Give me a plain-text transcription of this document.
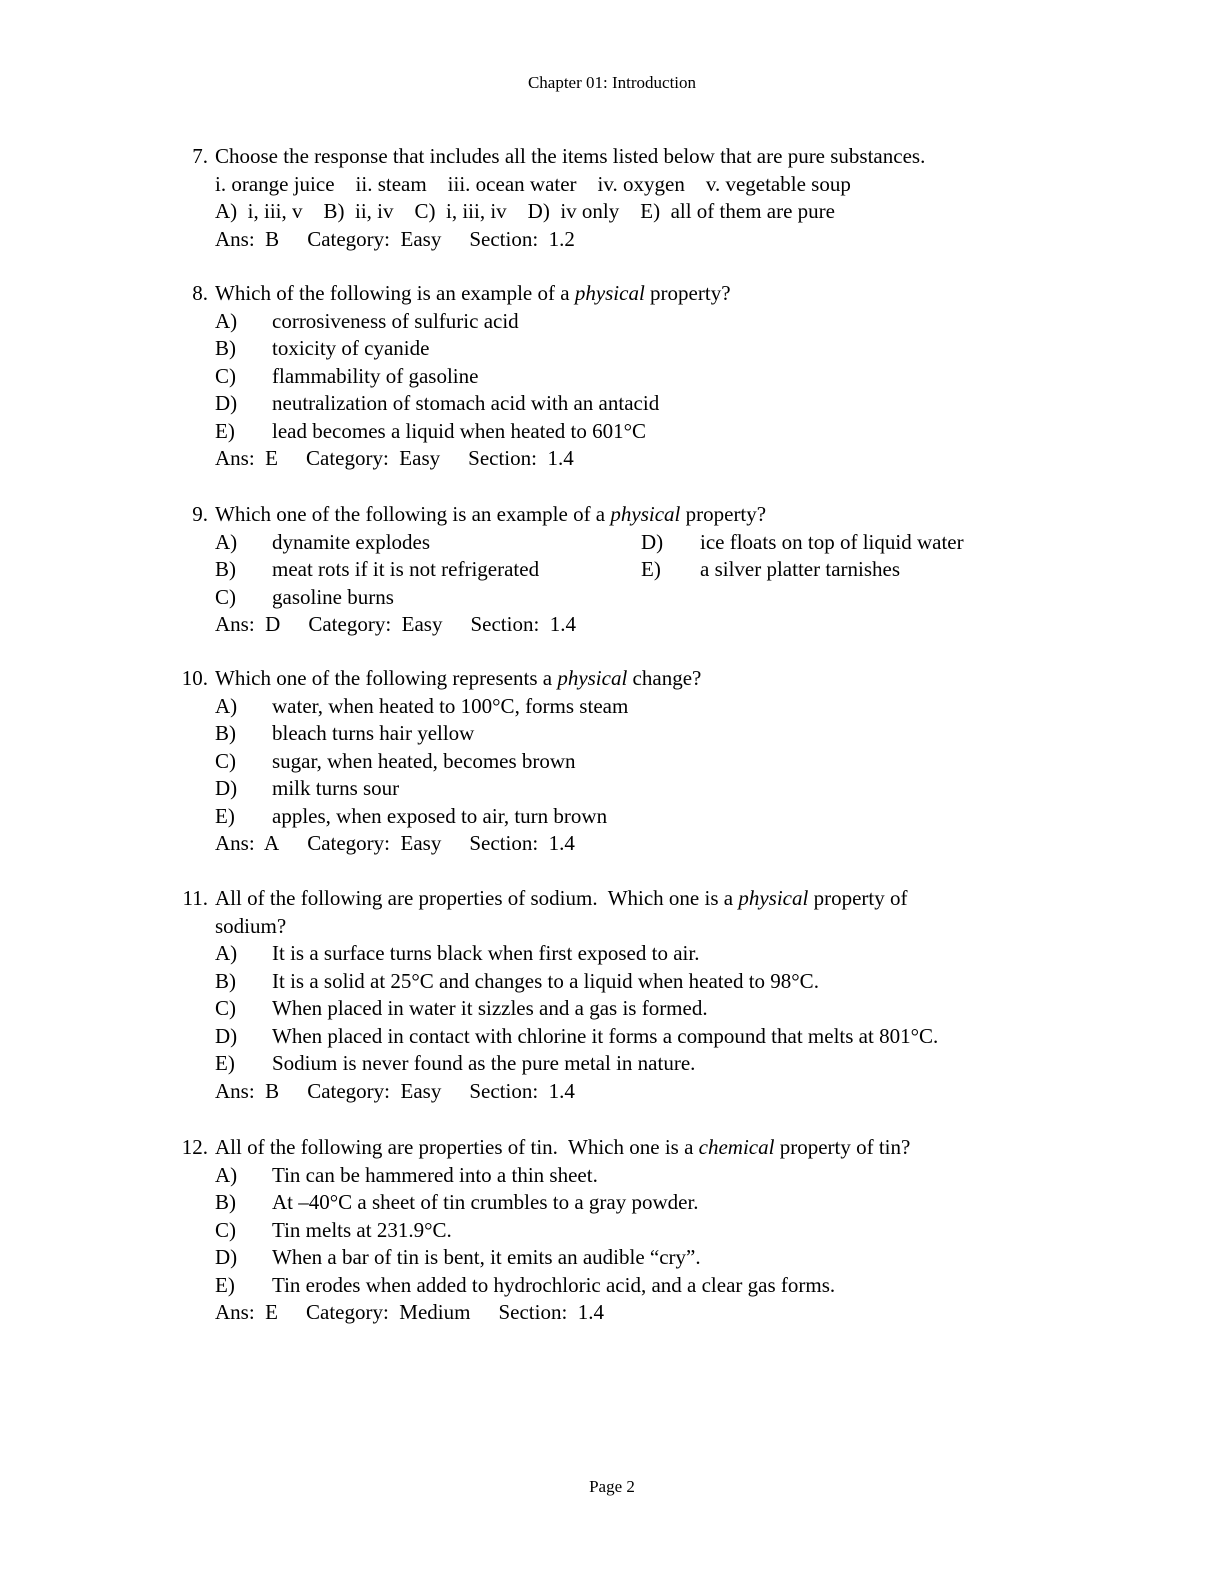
Chapter 01: Introduction
7. Choose the response that includes all the items listed below that are pure substances.
i. orange juice    ii. steam    iii. ocean water    iv. oxygen    v. vegetable soup
A)  i, iii, v    B)  ii, iv    C)  i, iii, iv    D)  iv only    E)  all of them are pure
Ans:  B Category:  Easy Section:  1.2
8. Which of the following is an example of a physical property?
A) corrosiveness of sulfuric acid
B) toxicity of cyanide
C) flammability of gasoline
D) neutralization of stomach acid with an antacid
E) lead becomes a liquid when heated to 601°C
Ans:  E Category:  Easy Section:  1.4
9. Which one of the following is an example of a physical property?
A) dynamite explodes	D) ice floats on top of liquid water
B) meat rots if it is not refrigerated	E) a silver platter tarnishes
C) gasoline burns
Ans:  D Category:  Easy Section:  1.4
10. Which one of the following represents a physical change?
A) water, when heated to 100°C, forms steam
B) bleach turns hair yellow
C) sugar, when heated, becomes brown
D) milk turns sour
E) apples, when exposed to air, turn brown
Ans:  A Category:  Easy Section:  1.4
11. All of the following are properties of sodium.  Which one is a physical property of
sodium?
A) It is a surface turns black when first exposed to air.
B) It is a solid at 25°C and changes to a liquid when heated to 98°C.
C) When placed in water it sizzles and a gas is formed.
D) When placed in contact with chlorine it forms a compound that melts at 801°C.
E) Sodium is never found as the pure metal in nature.
Ans:  B Category:  Easy Section:  1.4
12. All of the following are properties of tin.  Which one is a chemical property of tin?
A) Tin can be hammered into a thin sheet.
B) At –40°C a sheet of tin crumbles to a gray powder.
C) Tin melts at 231.9°C.
D) When a bar of tin is bent, it emits an audible “cry”.
E) Tin erodes when added to hydrochloric acid, and a clear gas forms.
Ans:  E Category:  Medium Section:  1.4
Page 2
